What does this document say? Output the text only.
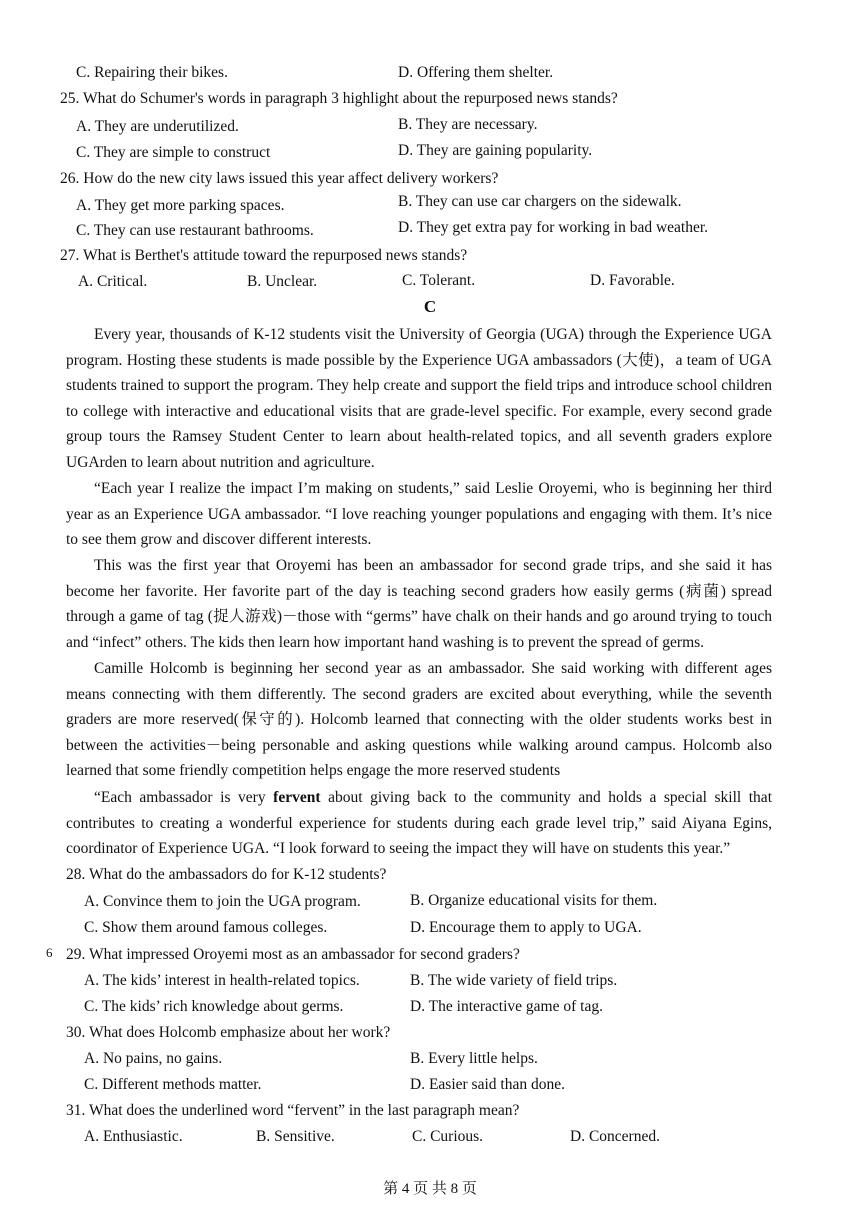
C. Repairing their bikes.	D. Offering them shelter.
25. What do Schumer's words in paragraph 3 highlight about the repurposed news stands?
A. They are underutilized.	B. They are necessary.
C. They are simple to construct	D. They are gaining popularity.
26. How do the new city laws issued this year affect delivery workers?
A. They get more parking spaces.	B. They can use car chargers on the sidewalk.
C. They can use restaurant bathrooms.	D. They get extra pay for working in bad weather.
27. What is Berthet's attitude toward the repurposed news stands?
A. Critical.	B. Unclear.	C. Tolerant.	D. Favorable.
C
Every year, thousands of K-12 students visit the University of Georgia (UGA) through the Experience UGA program. Hosting these students is made possible by the Experience UGA ambassadors (大使)，a team of UGA students trained to support the program. They help create and support the field trips and introduce school children to college with interactive and educational visits that are grade-level specific. For example, every second grade group tours the Ramsey Student Center to learn about health-related topics, and all seventh graders explore UGArden to learn about nutrition and agriculture.
“Each year I realize the impact I’m making on students,” said Leslie Oroyemi, who is beginning her third year as an Experience UGA ambassador. “I love reaching younger populations and engaging with them. It’s nice to see them grow and discover different interests.
This was the first year that Oroyemi has been an ambassador for second grade trips, and she said it has become her favorite. Her favorite part of the day is teaching second graders how easily germs (病菌) spread through a game of tag (捉人游戏)－those with “germs” have chalk on their hands and go around trying to touch and “infect” others. The kids then learn how important hand washing is to prevent the spread of germs.
Camille Holcomb is beginning her second year as an ambassador. She said working with different ages means connecting with them differently. The second graders are excited about everything, while the seventh graders are more reserved(保守的). Holcomb learned that connecting with the older students works best in between the activities－being personable and asking questions while walking around campus. Holcomb also learned that some friendly competition helps engage the more reserved students
“Each ambassador is very fervent about giving back to the community and holds a special skill that contributes to creating a wonderful experience for students during each grade level trip,” said Aiyana Egins, coordinator of Experience UGA. “I look forward to seeing the impact they will have on students this year.”
28. What do the ambassadors do for K-12 students?
A. Convince them to join the UGA program.	B. Organize educational visits for them.
C. Show them around famous colleges.	D. Encourage them to apply to UGA.
6 29. What impressed Oroyemi most as an ambassador for second graders?
A. The kids’ interest in health-related topics.	B. The wide variety of field trips.
C. The kids’ rich knowledge about germs.	D. The interactive game of tag.
30. What does Holcomb emphasize about her work?
A. No pains, no gains.	B. Every little helps.
C. Different methods matter.	D. Easier said than done.
31. What does the underlined word “fervent” in the last paragraph mean?
A. Enthusiastic.	B. Sensitive.	C. Curious.	D. Concerned.
第 4 页 共 8 页
